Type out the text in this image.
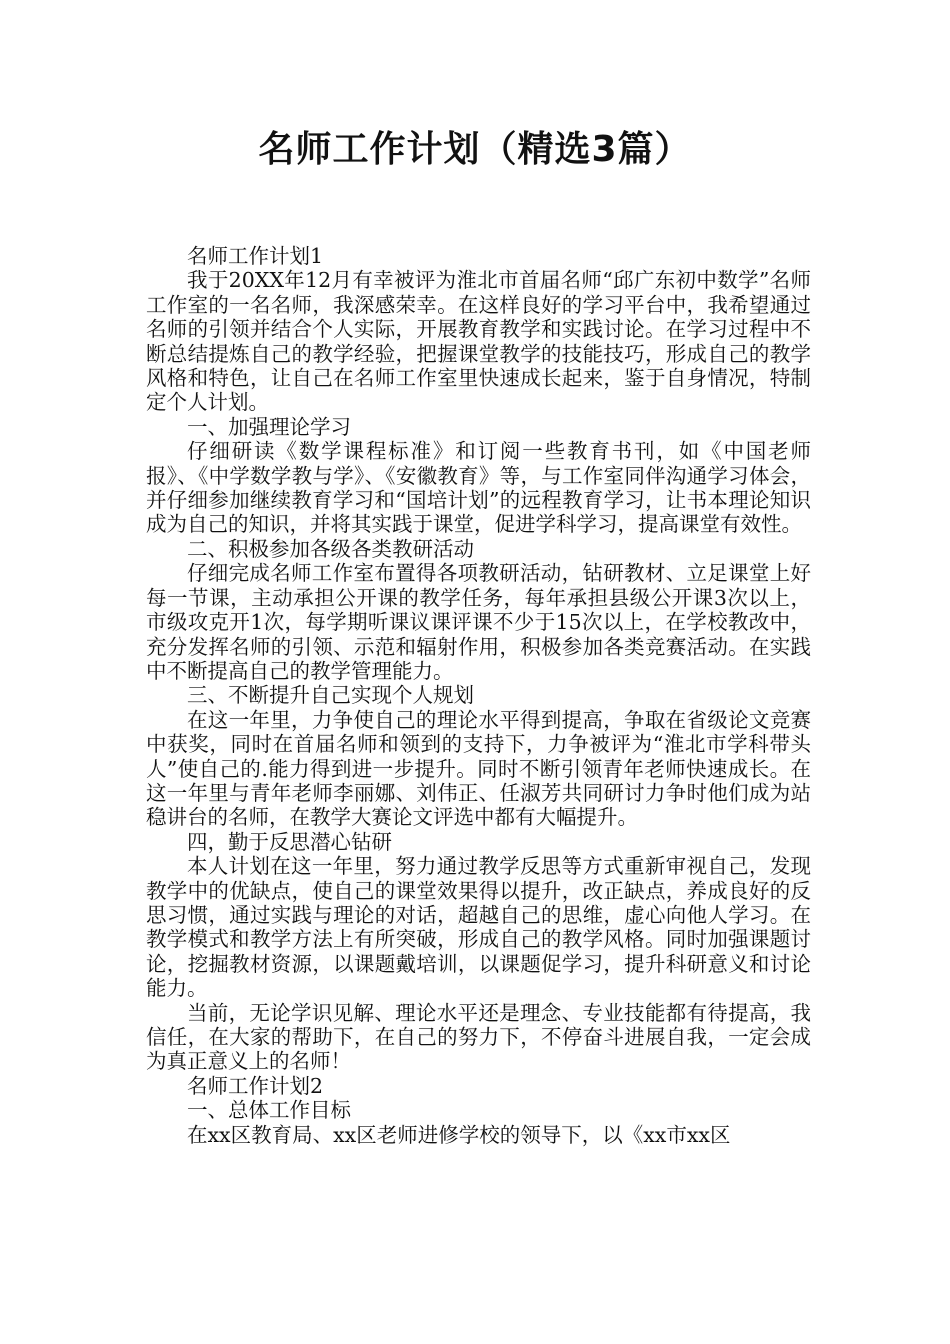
名师工作计划（精选3篇）

名师工作计划1

我于20XX年12月有幸被评为淮北市首届名师“邱广东初中数学”名师工作室的一名名师，我深感荣幸。在这样良好的学习平台中，我希望通过名师的引领并结合个人实际，开展教育教学和实践讨论。在学习过程中不断总结提炼自己的教学经验，把握课堂教学的技能技巧，形成自己的教学风格和特色，让自己在名师工作室里快速成长起来，鉴于自身情况，特制定个人计划。

一、加强理论学习

仔细研读《数学课程标准》和订阅一些教育书刊，如《中国老师报》、《中学数学教与学》、《安徽教育》等，与工作室同伴沟通学习体会，并仔细参加继续教育学习和“国培计划”的远程教育学习，让书本理论知识成为自己的知识，并将其实践于课堂，促进学科学习，提高课堂有效性。

二、积极参加各级各类教研活动

仔细完成名师工作室布置得各项教研活动，钻研教材、立足课堂上好每一节课，主动承担公开课的教学任务，每年承担县级公开课3次以上，市级攻克开1次，每学期听课议课评课不少于15次以上，在学校教改中，充分发挥名师的引领、示范和辐射作用，积极参加各类竞赛活动。在实践中不断提高自己的教学管理能力。

三、不断提升自己实现个人规划

在这一年里，力争使自己的理论水平得到提高，争取在省级论文竞赛中获奖，同时在首届名师和领到的支持下，力争被评为“淮北市学科带头人”使自己的.能力得到进一步提升。同时不断引领青年老师快速成长。在这一年里与青年老师李丽娜、刘伟正、任淑芳共同研讨力争时他们成为站稳讲台的名师，在教学大赛论文评选中都有大幅提升。

四，勤于反思潜心钻研

本人计划在这一年里，努力通过教学反思等方式重新审视自己，发现教学中的优缺点，使自己的课堂效果得以提升，改正缺点，养成良好的反思习惯，通过实践与理论的对话，超越自己的思维，虚心向他人学习。在教学模式和教学方法上有所突破，形成自己的教学风格。同时加强课题讨论，挖掘教材资源，以课题戴培训，以课题促学习，提升科研意义和讨论能力。

当前，无论学识见解、理论水平还是理念、专业技能都有待提高，我信任，在大家的帮助下，在自己的努力下，不停奋斗进展自我，一定会成为真正意义上的名师！

名师工作计划2

一、总体工作目标

在xx区教育局、xx区老师进修学校的领导下，以《xx市xx区
